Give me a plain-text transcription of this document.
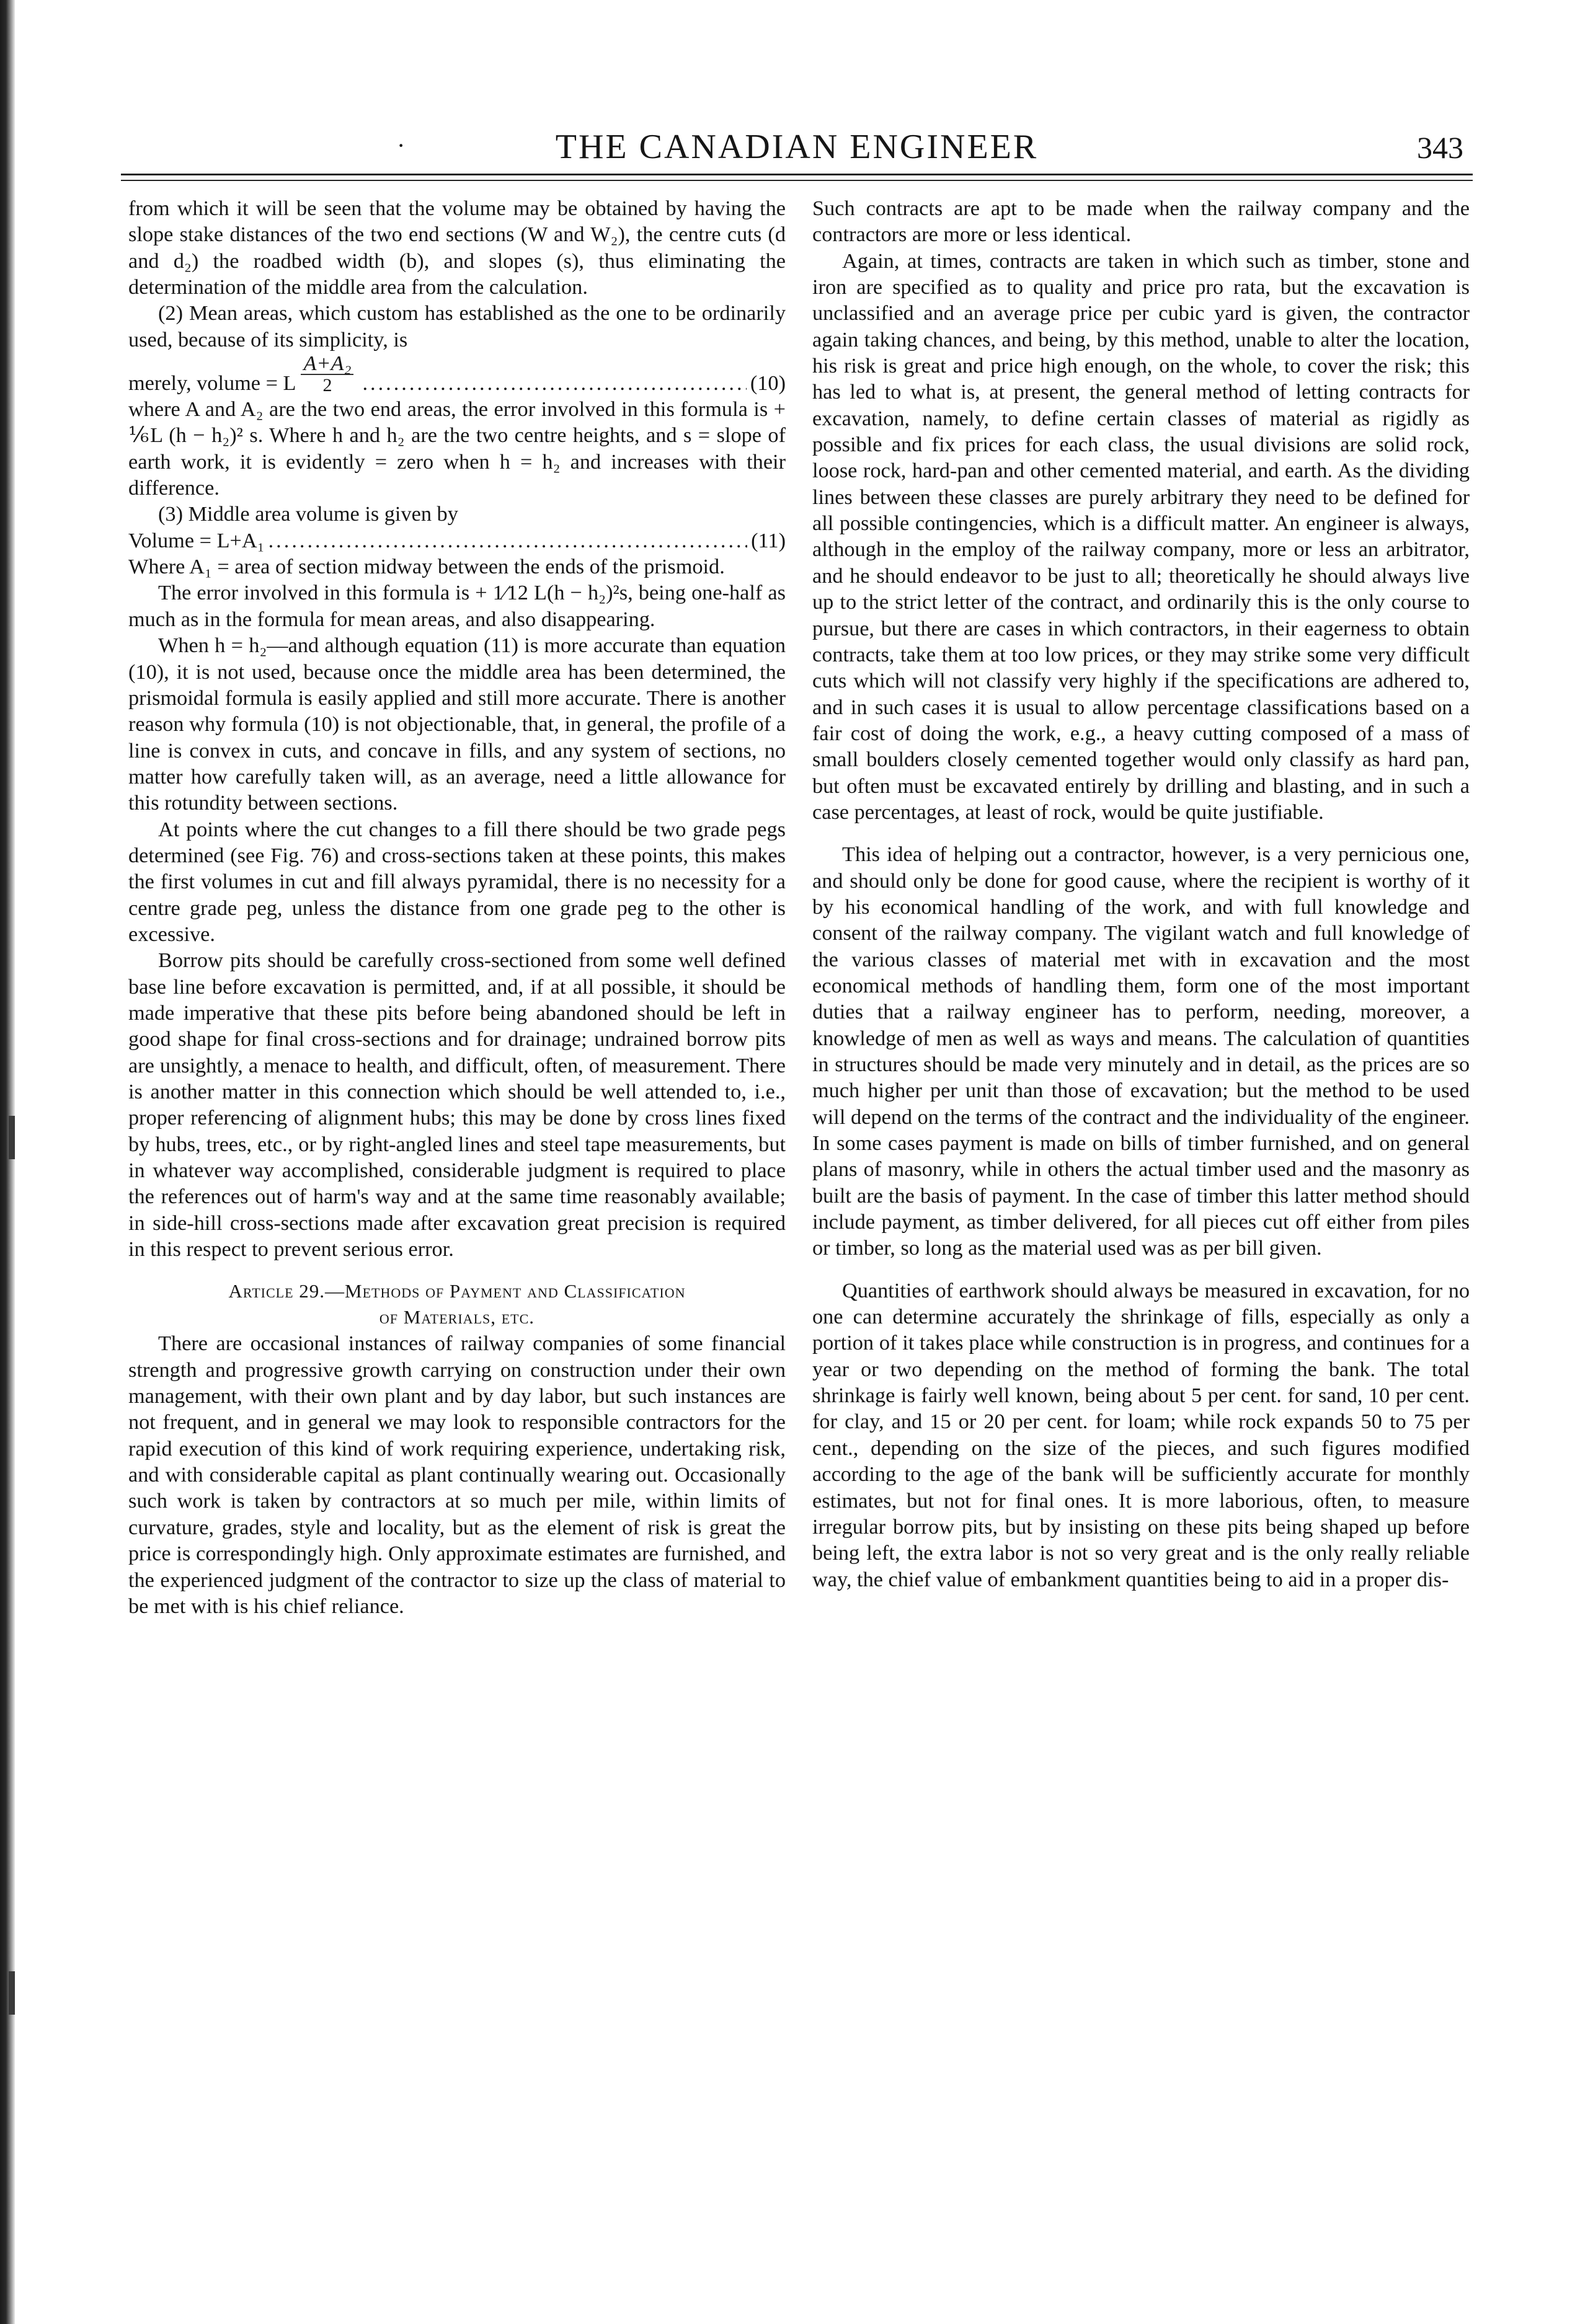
·	THE CANADIAN ENGINEER	343

from which it will be seen that the volume may be obtained by having the slope stake distances of the two end sections (W and W₂), the centre cuts (d and d₂) the roadbed width (b), and slopes (s), thus eliminating the determination of the middle area from the calculation.

(2) Mean areas, which custom has established as the one to be ordinarily used, because of its simplicity, is

merely, volume = L $\frac{\text{A+A₂}}{2}$ .....	(10)

where A and A₂ are the two end areas, the error involved in this formula is + ⅙L (h − h₂)² s. Where h and h₂ are the two centre heights, and s = slope of earth work, it is evidently = zero when h = h₂ and increases with their difference.

(3) Middle area volume is given by

Volume = L+A₁ .....	(11)

Where A₁ = area of section midway between the ends of the prismoid.

The error involved in this formula is + 1⁄12 L(h − h₂)²s, being one-half as much as in the formula for mean areas, and also disappearing.

When h = h₂—and although equation (11) is more accurate than equation (10), it is not used, because once the middle area has been determined, the prismoidal formula is easily applied and still more accurate. There is another reason why formula (10) is not objectionable, that, in general, the profile of a line is convex in cuts, and concave in fills, and any system of sections, no matter how carefully taken will, as an average, need a little allowance for this rotundity between sections.

At points where the cut changes to a fill there should be two grade pegs determined (see Fig. 76) and cross-sections taken at these points, this makes the first volumes in cut and fill always pyramidal, there is no necessity for a centre grade peg, unless the distance from one grade peg to the other is excessive.

Borrow pits should be carefully cross-sectioned from some well defined base line before excavation is permitted, and, if at all possible, it should be made imperative that these pits before being abandoned should be left in good shape for final cross-sections and for drainage; undrained borrow pits are unsightly, a menace to health, and difficult, often, of measurement. There is another matter in this connection which should be well attended to, i.e., proper referencing of alignment hubs; this may be done by cross lines fixed by hubs, trees, etc., or by right-angled lines and steel tape measurements, but in whatever way accomplished, considerable judgment is required to place the references out of harm's way and at the same time reasonably available; in side-hill cross-sections made after excavation great precision is required in this respect to prevent serious error.

Article 29.—Methods of Payment and Classification
of Materials, etc.

There are occasional instances of railway companies of some financial strength and progressive growth carrying on construction under their own management, with their own plant and by day labor, but such instances are not frequent, and in general we may look to responsible contractors for the rapid execution of this kind of work requiring experience, undertaking risk, and with considerable capital as plant continually wearing out. Occasionally such work is taken by contractors at so much per mile, within limits of curvature, grades, style and locality, but as the element of risk is great the price is correspondingly high. Only approximate estimates are furnished, and the experienced judgment of the contractor to size up the class of material to be met with is his chief reliance.

Such contracts are apt to be made when the railway company and the contractors are more or less identical.

Again, at times, contracts are taken in which such as timber, stone and iron are specified as to quality and price pro rata, but the excavation is unclassified and an average price per cubic yard is given, the contractor again taking chances, and being, by this method, unable to alter the location, his risk is great and price high enough, on the whole, to cover the risk; this has led to what is, at present, the general method of letting contracts for excavation, namely, to define certain classes of material as rigidly as possible and fix prices for each class, the usual divisions are solid rock, loose rock, hard-pan and other cemented material, and earth. As the dividing lines between these classes are purely arbitrary they need to be defined for all possible contingencies, which is a difficult matter. An engineer is always, although in the employ of the railway company, more or less an arbitrator, and he should endeavor to be just to all; theoretically he should always live up to the strict letter of the contract, and ordinarily this is the only course to pursue, but there are cases in which contractors, in their eagerness to obtain contracts, take them at too low prices, or they may strike some very difficult cuts which will not classify very highly if the specifications are adhered to, and in such cases it is usual to allow percentage classifications based on a fair cost of doing the work, e.g., a heavy cutting composed of a mass of small boulders closely cemented together would only classify as hard pan, but often must be excavated entirely by drilling and blasting, and in such a case percentages, at least of rock, would be quite justifiable.

This idea of helping out a contractor, however, is a very pernicious one, and should only be done for good cause, where the recipient is worthy of it by his economical handling of the work, and with full knowledge and consent of the railway company. The vigilant watch and full knowledge of the various classes of material met with in excavation and the most economical methods of handling them, form one of the most important duties that a railway engineer has to perform, needing, moreover, a knowledge of men as well as ways and means. The calculation of quantities in structures should be made very minutely and in detail, as the prices are so much higher per unit than those of excavation; but the method to be used will depend on the terms of the contract and the individuality of the engineer. In some cases payment is made on bills of timber furnished, and on general plans of masonry, while in others the actual timber used and the masonry as built are the basis of payment. In the case of timber this latter method should include payment, as timber delivered, for all pieces cut off either from piles or timber, so long as the material used was as per bill given.

Quantities of earthwork should always be measured in excavation, for no one can determine accurately the shrinkage of fills, especially as only a portion of it takes place while construction is in progress, and continues for a year or two depending on the method of forming the bank. The total shrinkage is fairly well known, being about 5 per cent. for sand, 10 per cent. for clay, and 15 or 20 per cent. for loam; while rock expands 50 to 75 per cent., depending on the size of the pieces, and such figures modified according to the age of the bank will be sufficiently accurate for monthly estimates, but not for final ones. It is more laborious, often, to measure irregular borrow pits, but by insisting on these pits being shaped up before being left, the extra labor is not so very great and is the only really reliable way, the chief value of embankment quantities being to aid in a proper dis-
